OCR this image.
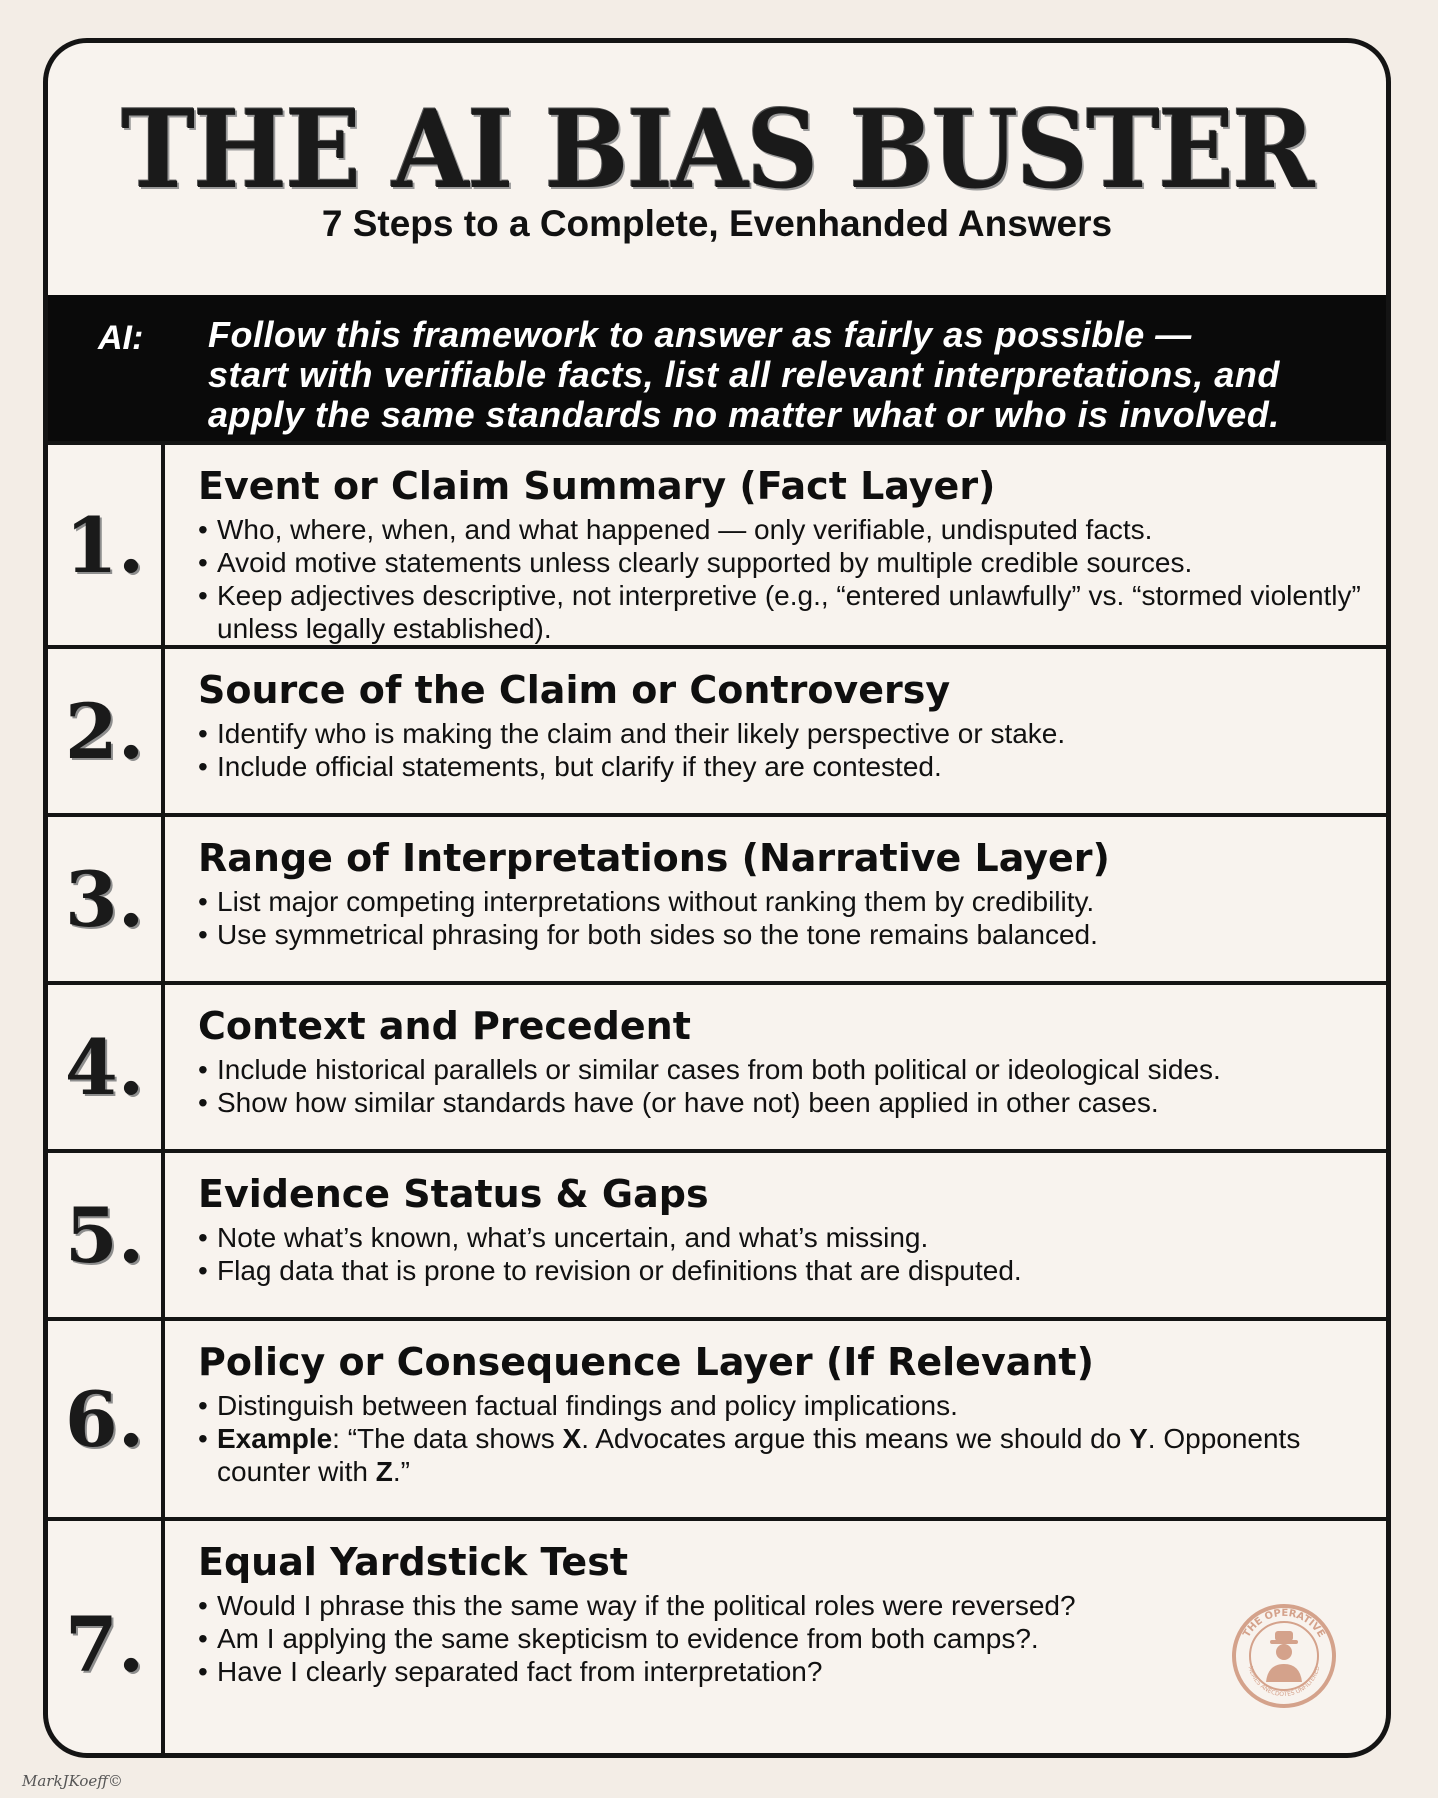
THE AI BIAS BUSTER
7 Steps to a Complete, Evenhanded Answers
AI: Follow this framework to answer as fairly as possible —
start with verifiable facts, list all relevant interpretations, and
apply the same standards no matter what or who is involved.
1.
Event or Claim Summary (Fact Layer)
• Who, where, when, and what happened — only verifiable, undisputed facts.
• Avoid motive statements unless clearly supported by multiple credible sources.
• Keep adjectives descriptive, not interpretive (e.g., “entered unlawfully” vs. “stormed violently” unless legally established).
2. Source of the Claim or Controversy
• Identify who is making the claim and their likely perspective or stake.
• Include official statements, but clarify if they are contested.
3. Range of Interpretations (Narrative Layer)
• List major competing interpretations without ranking them by credibility.
• Use symmetrical phrasing for both sides so the tone remains balanced.
4. Context and Precedent
• Include historical parallels or similar cases from both political or ideological sides.
• Show how similar standards have (or have not) been applied in other cases.
5. Evidence Status & Gaps
• Note what’s known, what’s uncertain, and what’s missing.
• Flag data that is prone to revision or definitions that are disputed.
6.
Policy or Consequence Layer (If Relevant)
• Distinguish between factual findings and policy implications.
• Example: “The data shows X. Advocates argue this means we should do Y. Opponents counter with Z.”
7.
Equal Yardstick Test
• Would I phrase this the same way if the political roles were reversed?
• Am I applying the same skepticism to evidence from both camps?.
• Have I clearly separated fact from interpretation?
THE OPERATIVE
MEMES ANECDOTES UNFILTERED
MarkJKoeff©
